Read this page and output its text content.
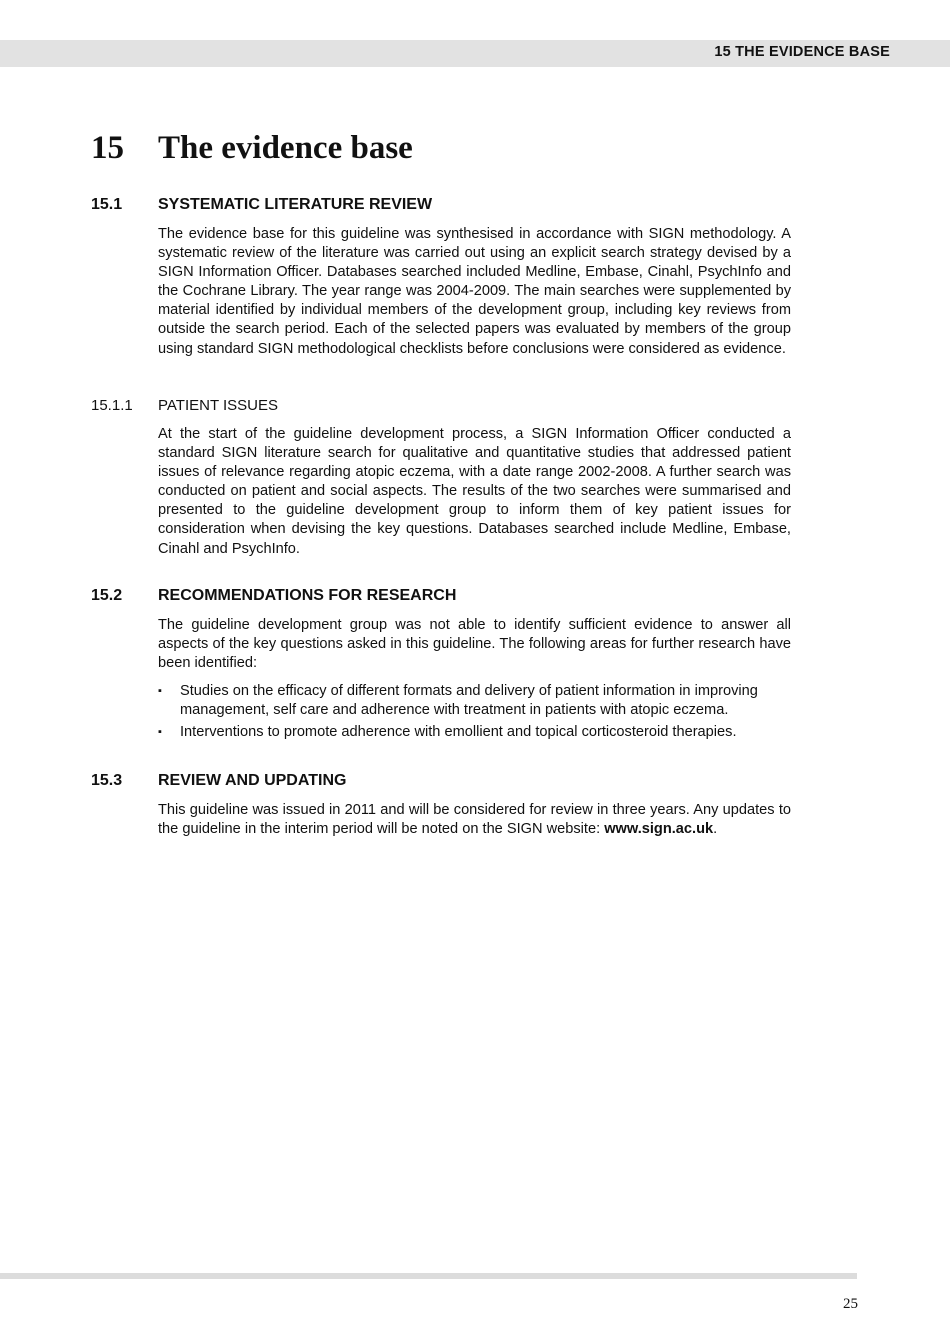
15 THE EVIDENCE BASE
15 The evidence base
15.1 SYSTEMATIC LITERATURE REVIEW

The evidence base for this guideline was synthesised in accordance with SIGN methodology. A systematic review of the literature was carried out using an explicit search strategy devised by a SIGN Information Officer. Databases searched included Medline, Embase, Cinahl, PsychInfo and the Cochrane Library. The year range was 2004-2009. The main searches were supplemented by material identified by individual members of the development group, including key reviews from outside the search period. Each of the selected papers was evaluated by members of the group using standard SIGN methodological checklists before conclusions were considered as evidence.

15.1.1 PATIENT ISSUES

At the start of the guideline development process, a SIGN Information Officer conducted a standard SIGN literature search for qualitative and quantitative studies that addressed patient issues of relevance regarding atopic eczema, with a date range 2002-2008. A further search was conducted on patient and social aspects. The results of the two searches were summarised and presented to the guideline development group to inform them of key patient issues for consideration when devising the key questions. Databases searched include Medline, Embase, Cinahl and PsychInfo.

15.2 RECOMMENDATIONS FOR RESEARCH

The guideline development group was not able to identify sufficient evidence to answer all aspects of the key questions asked in this guideline. The following areas for further research have been identified:

▪	Studies on the efficacy of different formats and delivery of patient information in improving management, self care and adherence with treatment in patients with atopic eczema.
▪	Interventions to promote adherence with emollient and topical corticosteroid therapies.
15.3 REVIEW AND UPDATING

This guideline was issued in 2011 and will be considered for review in three years. Any updates to the guideline in the interim period will be noted on the SIGN website: www.sign.ac.uk.

25
